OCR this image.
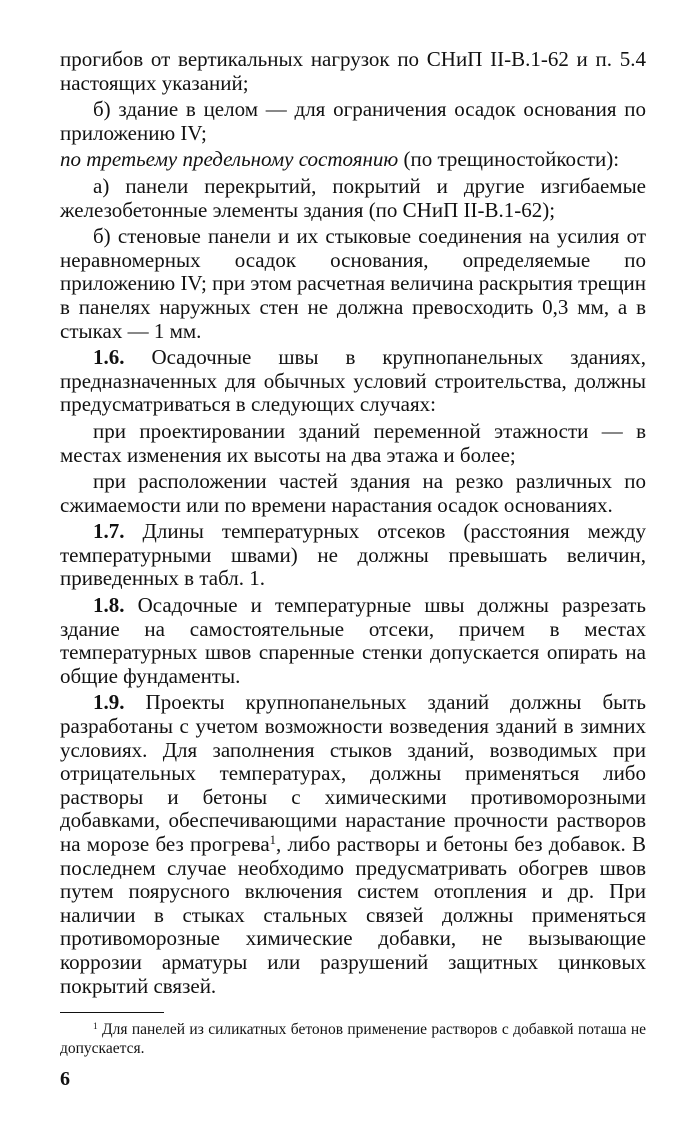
прогибов от вертикальных нагрузок по СНиП II-В.1-62 и п. 5.4 настоящих указаний;

б) здание в целом — для ограничения осадок основания по приложению IV;

по третьему предельному состоянию (по трещиностойкости):

а) панели перекрытий, покрытий и другие изгибаемые железобетонные элементы здания (по СНиП II-В.1-62);

б) стеновые панели и их стыковые соединения на усилия от неравномерных осадок основания, определяемые по приложению IV; при этом расчетная величина раскрытия трещин в панелях наружных стен не должна превосходить 0,3 мм, а в стыках — 1 мм.

1.6. Осадочные швы в крупнопанельных зданиях, предназначенных для обычных условий строительства, должны предусматриваться в следующих случаях:

при проектировании зданий переменной этажности — в местах изменения их высоты на два этажа и более;

при расположении частей здания на резко различных по сжимаемости или по времени нарастания осадок основаниях.

1.7. Длины температурных отсеков (расстояния между температурными швами) не должны превышать величин, приведенных в табл. 1.

1.8. Осадочные и температурные швы должны разрезать здание на самостоятельные отсеки, причем в местах температурных швов спаренные стенки допускается опирать на общие фундаменты.

1.9. Проекты крупнопанельных зданий должны быть разработаны с учетом возможности возведения зданий в зимних условиях. Для заполнения стыков зданий, возводимых при отрицательных температурах, должны применяться либо растворы и бетоны с химическими противоморозными добавками, обеспечивающими нарастание прочности растворов на морозе без прогрева$^1$, либо растворы и бетоны без добавок. В последнем случае необходимо предусматривать обогрев швов путем поярусного включения систем отопления и др. При наличии в стыках стальных связей должны применяться противоморозные химические добавки, не вызывающие коррозии арматуры или разрушений защитных цинковых покрытий связей.

$^1$ Для панелей из силикатных бетонов применение растворов с добавкой поташа не допускается.

6
